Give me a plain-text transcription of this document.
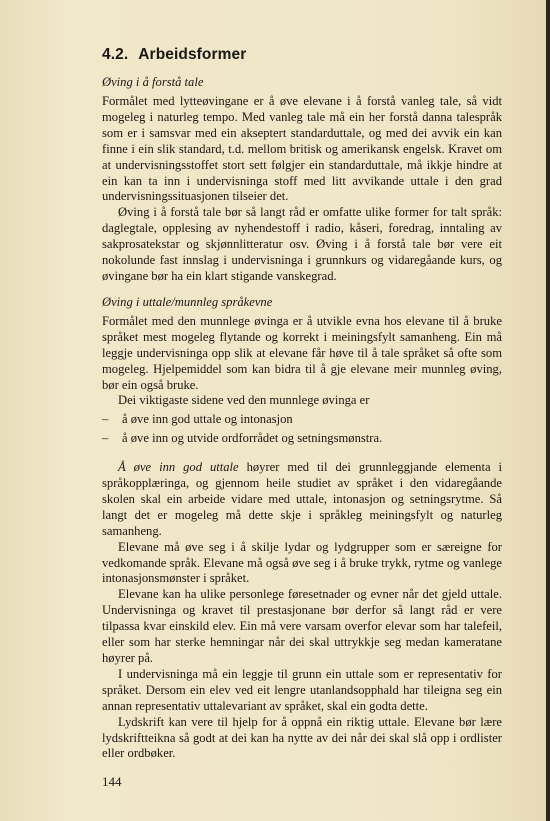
4.2. Arbeidsformer
Øving i å forstå tale

Formålet med lytteøvingane er å øve elevane i å forstå vanleg tale, så vidt mogeleg i naturleg tempo. Med vanleg tale må ein her forstå danna talespråk som er i samsvar med ein akseptert standarduttale, og med dei avvik ein kan finne i ein slik standard, t.d. mellom britisk og amerikansk engelsk. Kravet om at undervisningsstoffet stort sett følgjer ein standarduttale, må ikkje hindre at ein kan ta inn i undervisninga stoff med litt avvikande uttale i den grad undervisningssituasjonen tilseier det.

Øving i å forstå tale bør så langt råd er omfatte ulike former for talt språk: daglegtale, opplesing av nyhendestoff i radio, kåseri, foredrag, inntaling av sakprosatekstar og skjønnlitteratur osv. Øving i å forstå tale bør vere eit nokolunde fast innslag i undervisninga i grunnkurs og vidaregåande kurs, og øvingane bør ha ein klart stigande vanskegrad.

Øving i uttale/munnleg språkevne

Formålet med den munnlege øvinga er å utvikle evna hos elevane til å bruke språket mest mogeleg flytande og korrekt i meiningsfylt samanheng. Ein må leggje undervisninga opp slik at elevane får høve til å tale språket så ofte som mogeleg. Hjelpemiddel som kan bidra til å gje elevane meir munnleg øving, bør ein også bruke.

Dei viktigaste sidene ved den munnlege øvinga er

–	å øve inn god uttale og intonasjon
–	å øve inn og utvide ordforrådet og setningsmønstra.

Å øve inn god uttale høyrer med til dei grunnleggjande elementa i språkopplæringa, og gjennom heile studiet av språket i den vidaregåande skolen skal ein arbeide vidare med uttale, intonasjon og setningsrytme. Så langt det er mogeleg må dette skje i språkleg meiningsfylt og naturleg samanheng.

Elevane må øve seg i å skilje lydar og lydgrupper som er særeigne for vedkomande språk. Elevane må også øve seg i å bruke trykk, rytme og vanlege intonasjonsmønster i språket.

Elevane kan ha ulike personlege føresetnader og evner når det gjeld uttale. Undervisninga og kravet til prestasjonane bør derfor så langt råd er vere tilpassa kvar einskild elev. Ein må vere varsam overfor elevar som har talefeil, eller som har sterke hemningar når dei skal uttrykkje seg medan kameratane høyrer på.

I undervisninga må ein leggje til grunn ein uttale som er representativ for språket. Dersom ein elev ved eit lengre utanlandsopphald har tileigna seg ein annan representativ uttalevariant av språket, skal ein godta dette.

Lydskrift kan vere til hjelp for å oppnå ein riktig uttale. Elevane bør lære lydskriftteikna så godt at dei kan ha nytte av dei når dei skal slå opp i ordlister eller ordbøker.

144
